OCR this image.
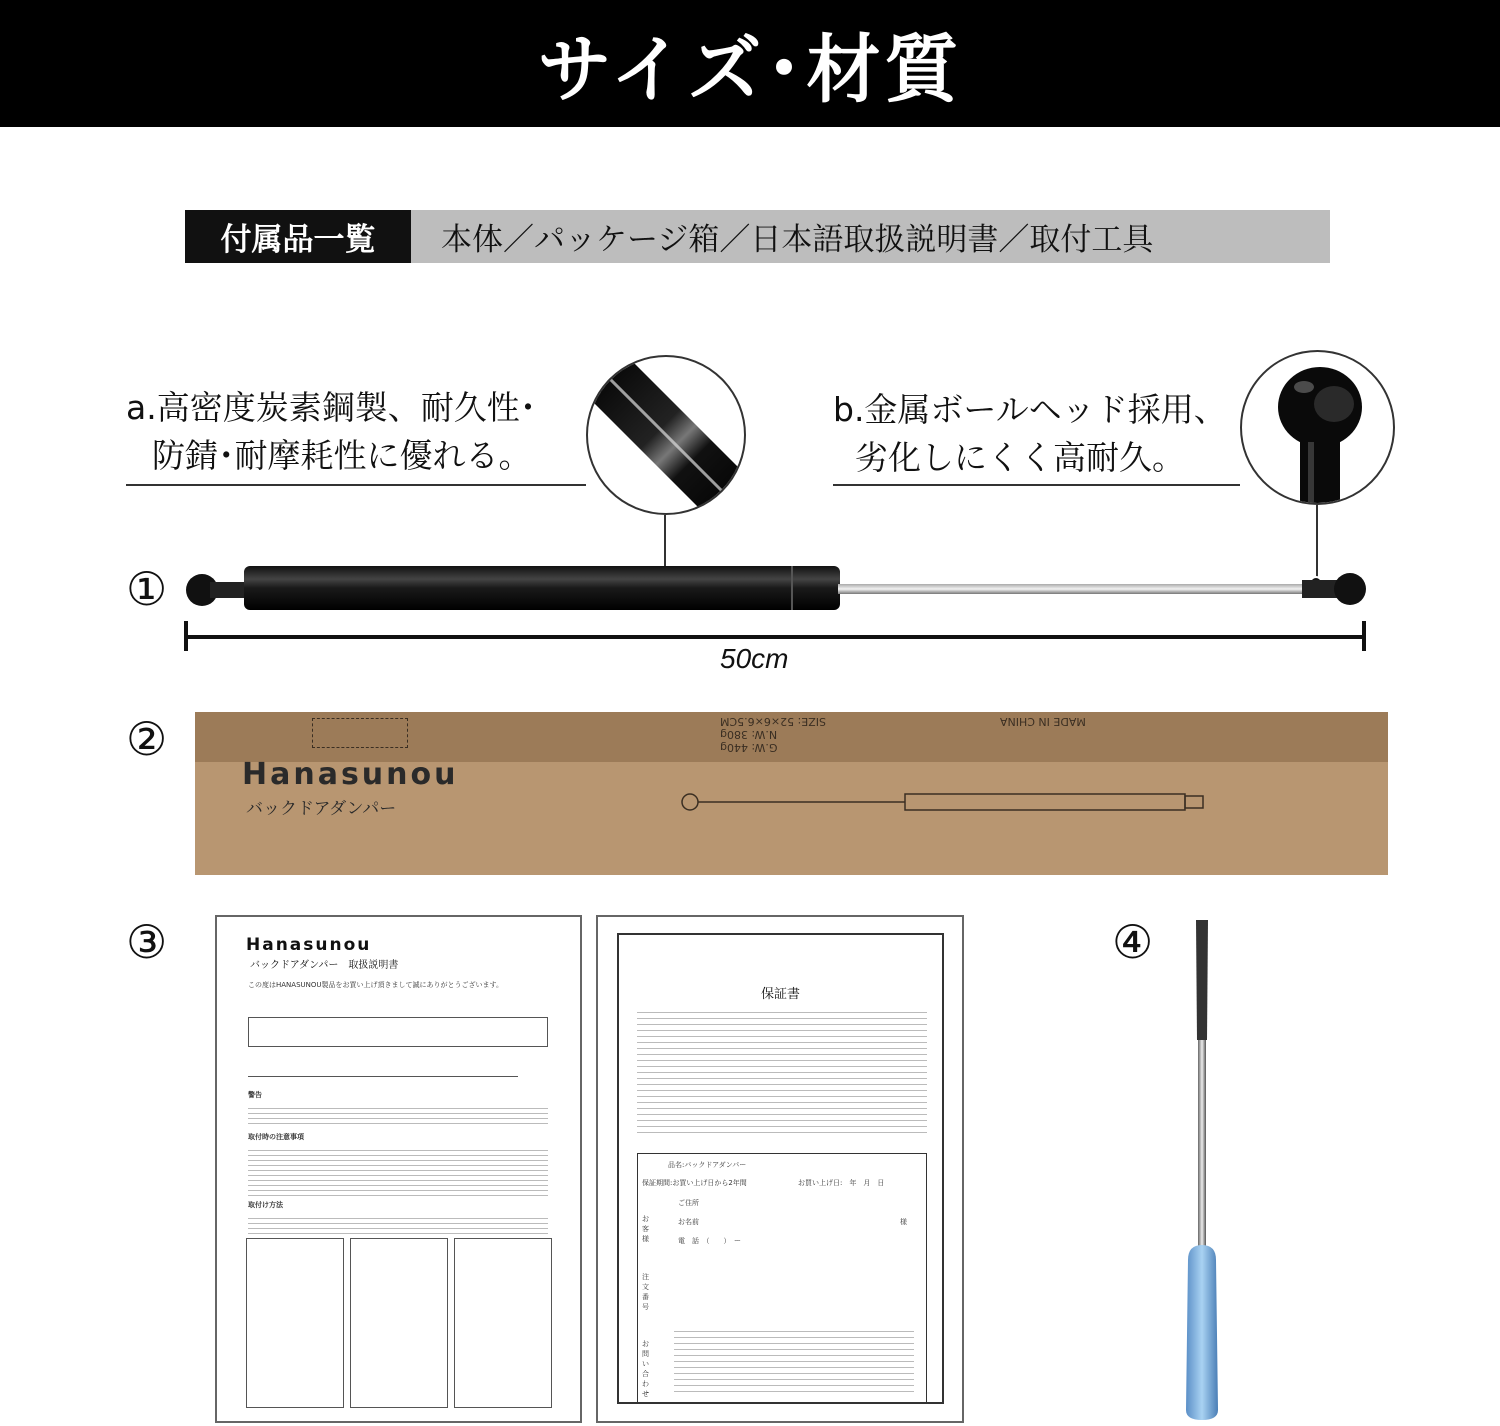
サイズ･材質
付属品一覧	本体／パッケージ箱／日本語取扱説明書／取付工具
a.高密度炭素鋼製、耐久性･
防錆･耐摩耗性に優れる。
b.金属ボールヘッド採用、
劣化しにくく高耐久。
①
50cm
②	MADE IN CHINA
SIZE: 52×6×6.5CM
N.W: 380g
G.W: 440g
Hanasunou
バックドアダンパー
③	Hanasunou
バックドアダンパー　取扱説明書
この度はHANASUNOU製品をお買い上げ頂きまして誠にありがとうございます。
警告
取付時の注意事項
取付け方法
保証書
品名:バックドアダンパー
保証期間:お買い上げ日から2年間	お買い上げ日:　年　月　日
お客様
ご住所
お名前	様
電　話　（　　）　ー
注文番号
お問い合わせ
④
